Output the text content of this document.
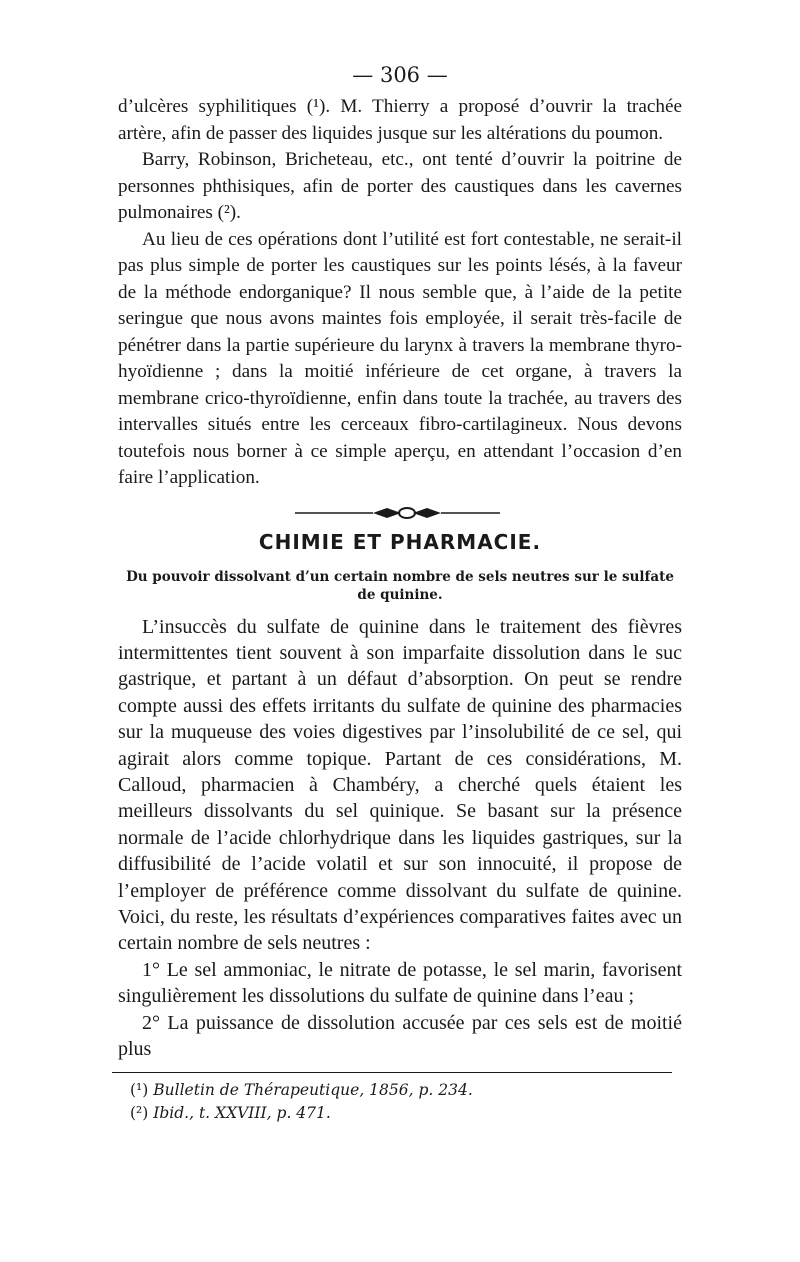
— 306 —

d’ulcères syphilitiques (¹). M. Thierry a proposé d’ouvrir la trachée artère, afin de passer des liquides jusque sur les altérations du poumon.

Barry, Robinson, Bricheteau, etc., ont tenté d’ouvrir la poitrine de personnes phthisiques, afin de porter des caustiques dans les cavernes pulmonaires (²).

Au lieu de ces opérations dont l’utilité est fort contestable, ne serait-il pas plus simple de porter les caustiques sur les points lésés, à la faveur de la méthode endorganique? Il nous semble que, à l’aide de la petite seringue que nous avons maintes fois employée, il serait très-facile de pénétrer dans la partie supérieure du larynx à travers la membrane thyro-hyoïdienne ; dans la moitié inférieure de cet organe, à travers la membrane crico-thyroïdienne, enfin dans toute la trachée, au travers des intervalles situés entre les cerceaux fibro-cartilagineux. Nous devons toutefois nous borner à ce simple aperçu, en attendant l’occasion d’en faire l’application.

CHIMIE ET PHARMACIE.
Du pouvoir dissolvant d’un certain nombre de sels neutres sur le sulfate de quinine.

L’insuccès du sulfate de quinine dans le traitement des fièvres intermittentes tient souvent à son imparfaite dissolution dans le suc gastrique, et partant à un défaut d’absorption. On peut se rendre compte aussi des effets irritants du sulfate de quinine des pharmacies sur la muqueuse des voies digestives par l’insolubilité de ce sel, qui agirait alors comme topique. Partant de ces considérations, M. Calloud, pharmacien à Chambéry, a cherché quels étaient les meilleurs dissolvants du sel quinique. Se basant sur la présence normale de l’acide chlorhydrique dans les liquides gastriques, sur la diffusibilité de l’acide volatil et sur son innocuité, il propose de l’employer de préférence comme dissolvant du sulfate de quinine. Voici, du reste, les résultats d’expériences comparatives faites avec un certain nombre de sels neutres :

1° Le sel ammoniac, le nitrate de potasse, le sel marin, favorisent singulièrement les dissolutions du sulfate de quinine dans l’eau ;

2° La puissance de dissolution accusée par ces sels est de moitié plus

(¹) Bulletin de Thérapeutique, 1856, p. 234.

(²) Ibid., t. XXVIII, p. 471.
